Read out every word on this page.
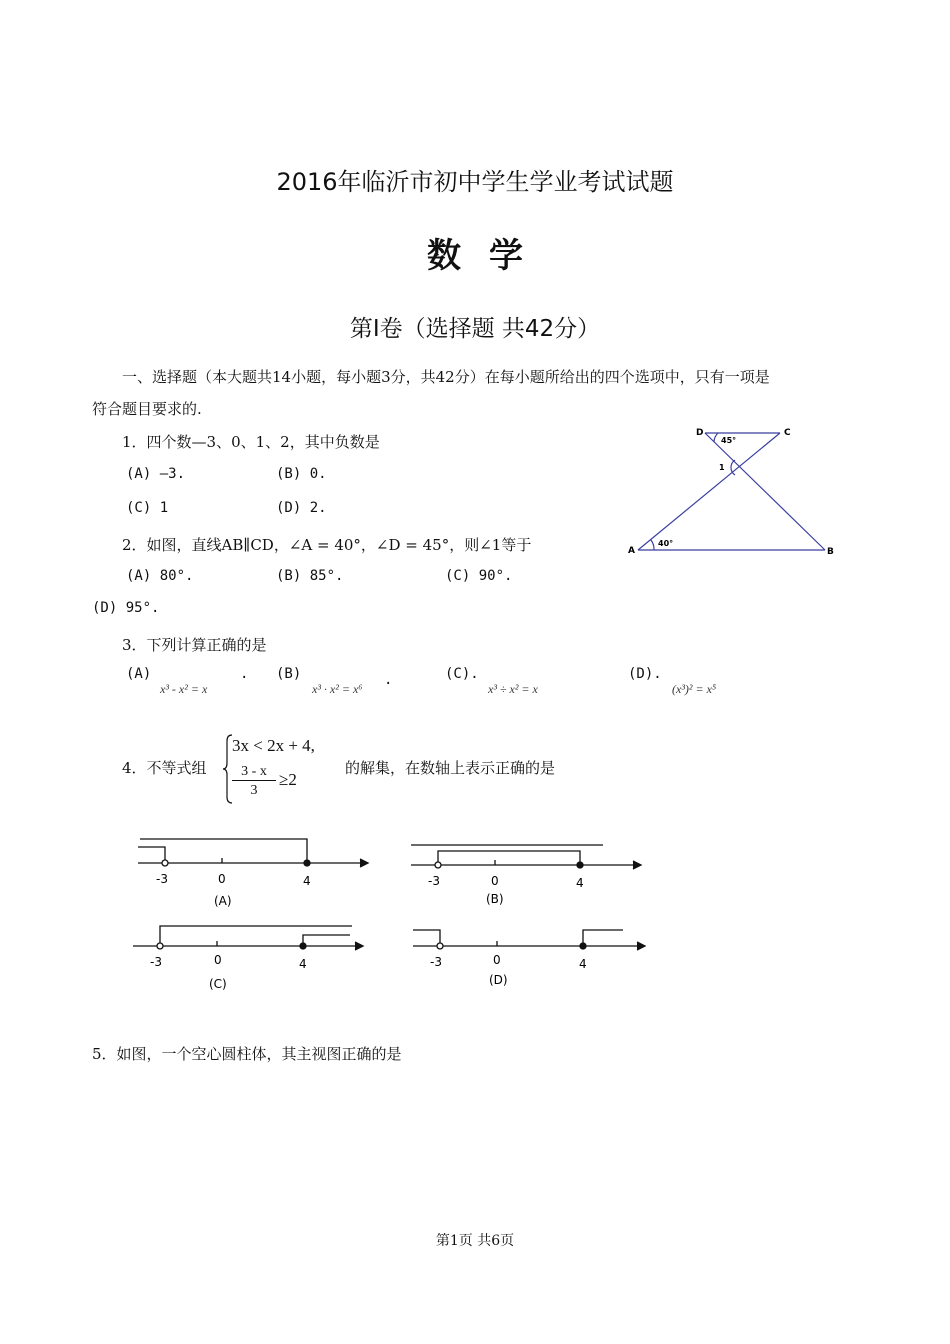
2016年临沂市初中学生学业考试试题
数学
第Ⅰ卷（选择题 共42分）
一、选择题（本大题共14小题，每小题3分，共42分）在每小题所给出的四个选项中，只有一项是
符合题目要求的.
1．四个数—3、0、1、2，其中负数是
(A) —3.	(B) 0.
(C) 1	(D) 2.
D	C
A	B
45°
40°
1
2．如图，直线AB∥CD，∠A = 40°，∠D = 45°，则∠1等于
(A) 80°.	(B) 85°.	(C) 90°.
(D) 95°.
3．下列计算正确的是
(A)
x³ - x² = x
. (B)
x³ · x² = x⁶
.	(C).
x³ ÷ x² = x
(D).
(x³)² = x⁵
4．不等式组
3x < 2x + 4,
3 - x
3
≥2
的解集，在数轴上表示正确的是
-3	0	4
(A)
-3	0	4
(B)
-3	0	4
(C)
-3	0	4
(D)
5．如图，一个空心圆柱体，其主视图正确的是
第1页 共6页
